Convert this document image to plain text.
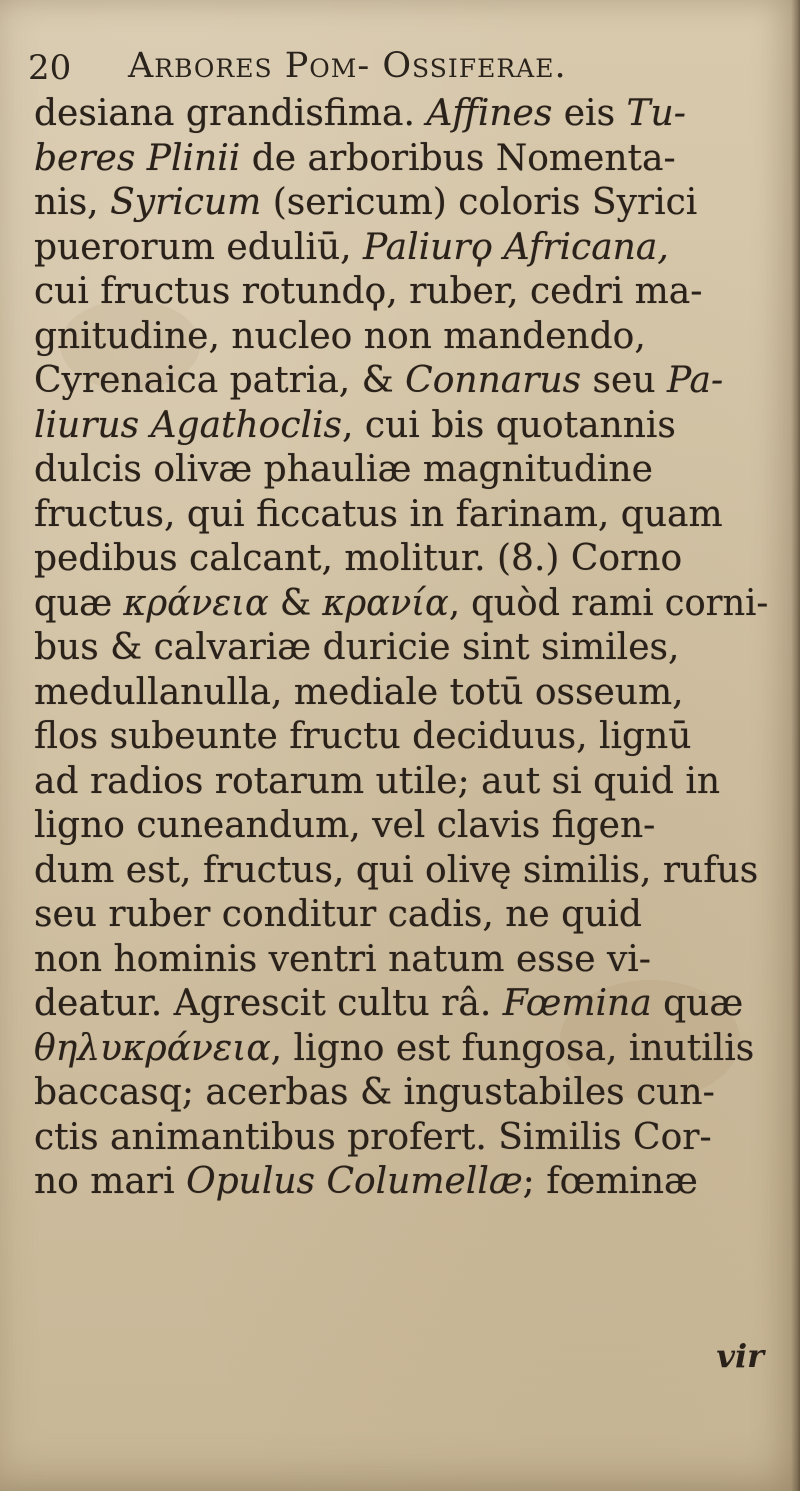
20 Arbores Pom- Ossiferae.
desiana grandisfima. Affines eis Tu-
beres Plinii de arboribus Nomenta-
nis, Syricum (sericum) coloris Syrici
puerorum eduliū, Paliurϙ Africana,
cui fructus rotundϙ, ruber, cedri ma-
gnitudine, nucleo non mandendo,
Cyrenaica patria, & Connarus seu Pa-
liurus Agathoclis, cui bis quotannis
dulcis olivæ phauliæ magnitudine
fructus, qui ficcatus in farinam, quam
pedibus calcant, molitur. (8.) Corno
quæ κράνεια & κρανία, quòd rami corni-
bus & calvariæ duricie sint similes,
medullanulla, mediale totū osseum,
flos subeunte fructu deciduus, lignū
ad radios rotarum utile; aut si quid in
ligno cuneandum, vel clavis figen-
dum est, fructus, qui olivę similis, rufus
seu ruber conditur cadis, ne quid
non hominis ventri natum esse vi-
deatur. Agrescit cultu râ. Fœmina quæ
θηλυκράνεια, ligno est fungosa, inutilis
baccasq; acerbas & ingustabiles cun-
ctis animantibus profert. Similis Cor-
no mari Opulus Columellæ; fœminæ
vir
